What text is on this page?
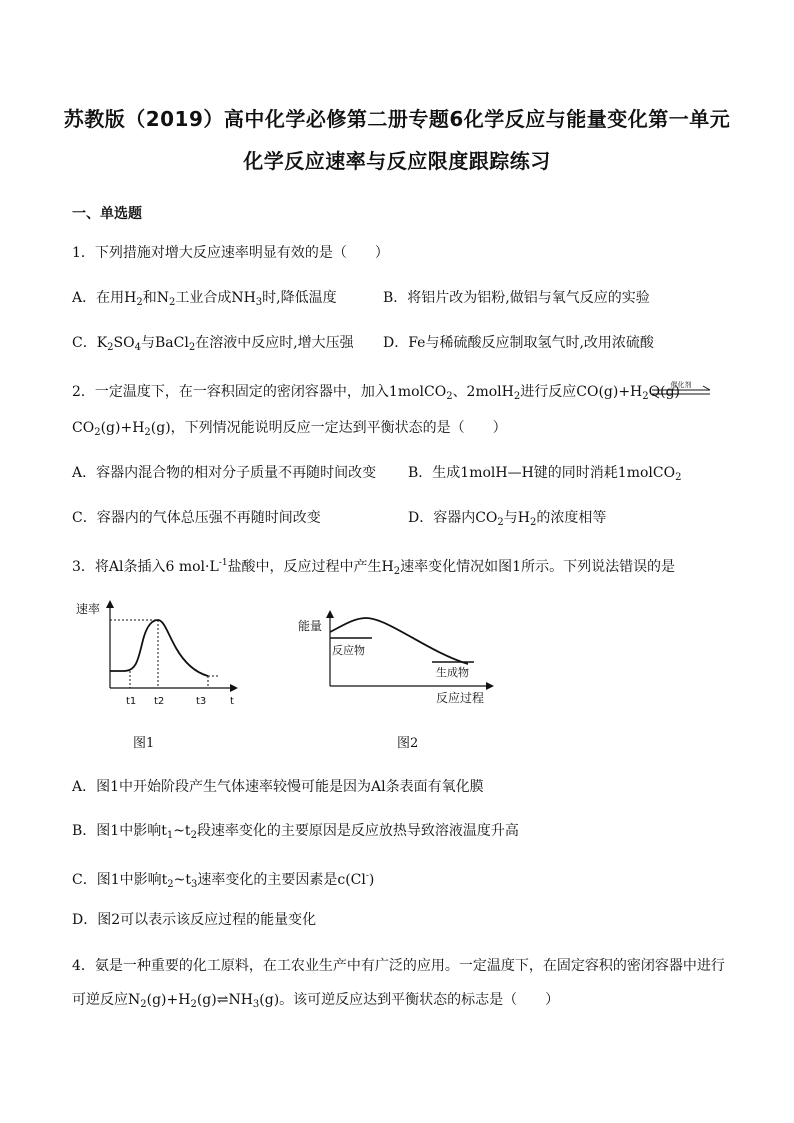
苏教版（2019）高中化学必修第二册专题6化学反应与能量变化第一单元
化学反应速率与反应限度跟踪练习
一、单选题
1．下列措施对增大反应速率明显有效的是（　　）
A．在用$H_2$和$N_2$工业合成$NH_3$时,降低温度	B．将铝片改为铝粉,做铝与氧气反应的实验
C．$K_2SO_4$与BaCl$_2$在溶液中反应时,增大压强 D．Fe与稀硫酸反应制取氢气时,改用浓硫酸
2．一定温度下，在一容积固定的密闭容器中，加入1molCO$_2$、2molH$_2$进行反应$CO(g)+H_2O(g)$
催化剂
$CO_2(g)+H_2(g)$，下列情况能说明反应一定达到平衡状态的是（　　）
A．容器内混合物的相对分子质量不再随时间改变 B．生成1molH—H键的同时消耗1molCO$_2$
C．容器内的气体总压强不再随时间改变	D．容器内$CO_2$与$H_2$的浓度相等
3．将Al条插入6 $mol\cdot L^{-1}$盐酸中，反应过程中产生$H_2$速率变化情况如图1所示。下列说法错误的是
速率
t1 t2	t3 t
图1
能量
反应物
生成物
反应过程
图2
A．图1中开始阶段产生气体速率较慢可能是因为Al条表面有氧化膜
B．图1中影响$t_1\sim t_2$段速率变化的主要原因是反应放热导致溶液温度升高
C．图1中影响$t_2\sim t_3$速率变化的主要因素是c(Cl-)
D．图2可以表示该反应过程的能量变化
4．氨是一种重要的化工原料，在工农业生产中有广泛的应用。一定温度下，在固定容积的密闭容器中进行
可逆反应$N_2(g)+H_2(g)\rightleftharpoons NH_3(g)$。该可逆反应达到平衡状态的标志是（　　）
